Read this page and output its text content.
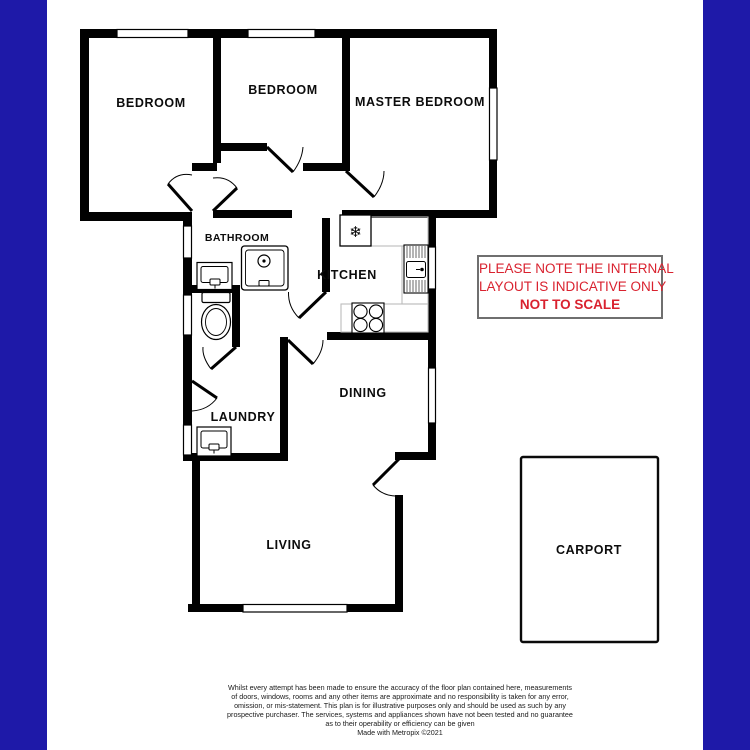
❄
BEDROOM
BEDROOM
MASTER BEDROOM
BATHROOM
KITCHEN
LAUNDRY
DINING
LIVING	CARPORT
PLEASE NOTE THE INTERNAL
LAYOUT IS INDICATIVE ONLY
NOT TO SCALE
Whilst every attempt has been made to ensure the accuracy of the floor plan contained here, measurements
of doors, windows, rooms and any other items are approximate and no responsibility is taken for any error,
omission, or mis-statement. This plan is for illustrative purposes only and should be used as such by any
prospective purchaser. The services, systems and appliances shown have not been tested and no guarantee
as to their operability or efficiency can be given
Made with Metropix ©2021
